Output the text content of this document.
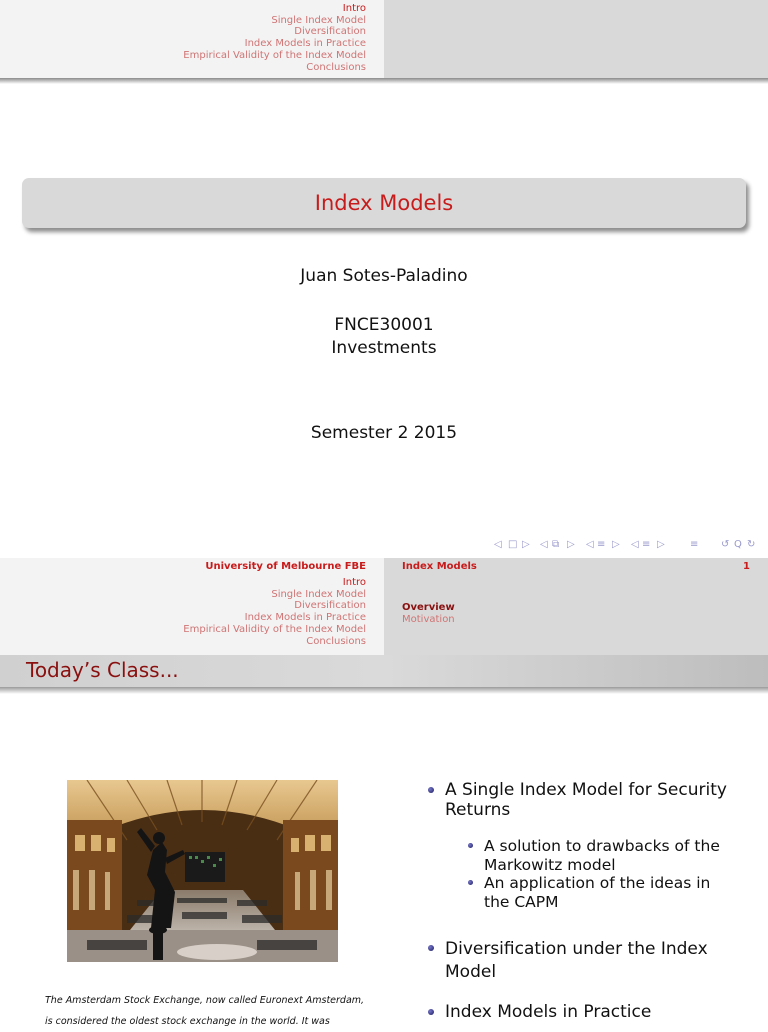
Intro
Single Index Model
Diversification
Index Models in Practice
Empirical Validity of the Index Model
Conclusions
Index Models
Juan Sotes-Paladino
FNCE30001
Investments
Semester 2 2015
◁ □ ▷ ◁ ⧉ ▷ ◁ ≡ ▷ ◁ ≡ ▷	≡ ↺ Q ↻
University of Melbourne FBE
Intro
Single Index Model
Diversification
Index Models in Practice
Empirical Validity of the Index Model
Conclusions
Index Models	1
Overview
Motivation
Today’s Class...
The Amsterdam Stock Exchange, now called Euronext Amsterdam,
is considered the oldest stock exchange in the world. It was
A Single Index Model for Security Returns
A solution to drawbacks of the Markowitz model
An application of the ideas in the CAPM
Diversification under the Index Model
Index Models in Practice
